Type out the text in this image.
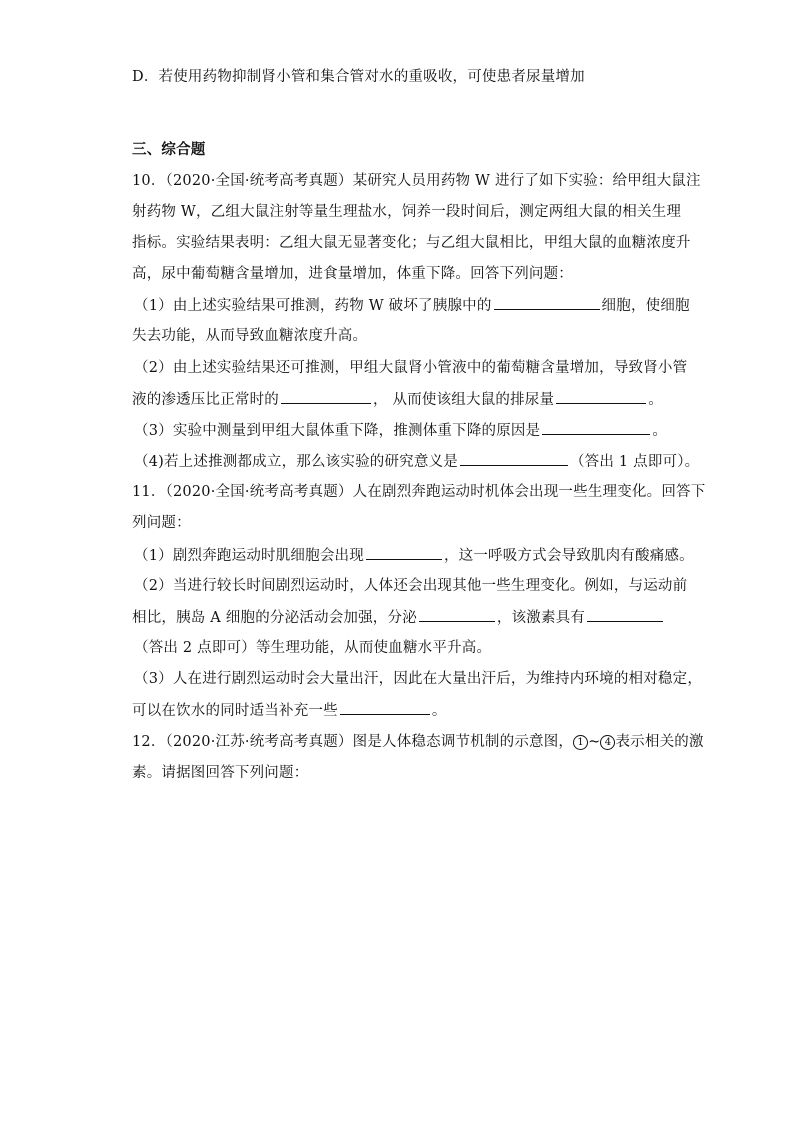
D．若使用药物抑制肾小管和集合管对水的重吸收，可使患者尿量增加
三、综合题
10．（2020·全国·统考高考真题）某研究人员用药物 W 进行了如下实验：给甲组大鼠注
射药物 W，乙组大鼠注射等量生理盐水，饲养一段时间后，测定两组大鼠的相关生理
指标。实验结果表明：乙组大鼠无显著变化；与乙组大鼠相比，甲组大鼠的血糖浓度升
高，尿中葡萄糖含量增加，进食量增加，体重下降。回答下列问题：
（1）由上述实验结果可推测，药物 W 破坏了胰腺中的	细胞，使细胞
失去功能，从而导致血糖浓度升高。
（2）由上述实验结果还可推测，甲组大鼠肾小管液中的葡萄糖含量增加，导致肾小管
液的渗透压比正常时的	， 从而使该组大鼠的排尿量	。
（3）实验中测量到甲组大鼠体重下降，推测体重下降的原因是	。
（4)若上述推测都成立，那么该实验的研究意义是	（答出 1 点即可）。
11．（2020·全国·统考高考真题）人在剧烈奔跑运动时机体会出现一些生理变化。回答下
列问题：
（1）剧烈奔跑运动时肌细胞会出现	，这一呼吸方式会导致肌肉有酸痛感。
（2）当进行较长时间剧烈运动时，人体还会出现其他一些生理变化。例如，与运动前
相比，胰岛 A 细胞的分泌活动会加强，分泌	，该激素具有
（答出 2 点即可）等生理功能，从而使血糖水平升高。
（3）人在进行剧烈运动时会大量出汗，因此在大量出汗后，为维持内环境的相对稳定，
可以在饮水的同时适当补充一些	。
12．（2020·江苏·统考高考真题）图是人体稳态调节机制的示意图， 1 ~ 4 表示相关的激
素。请据图回答下列问题：
